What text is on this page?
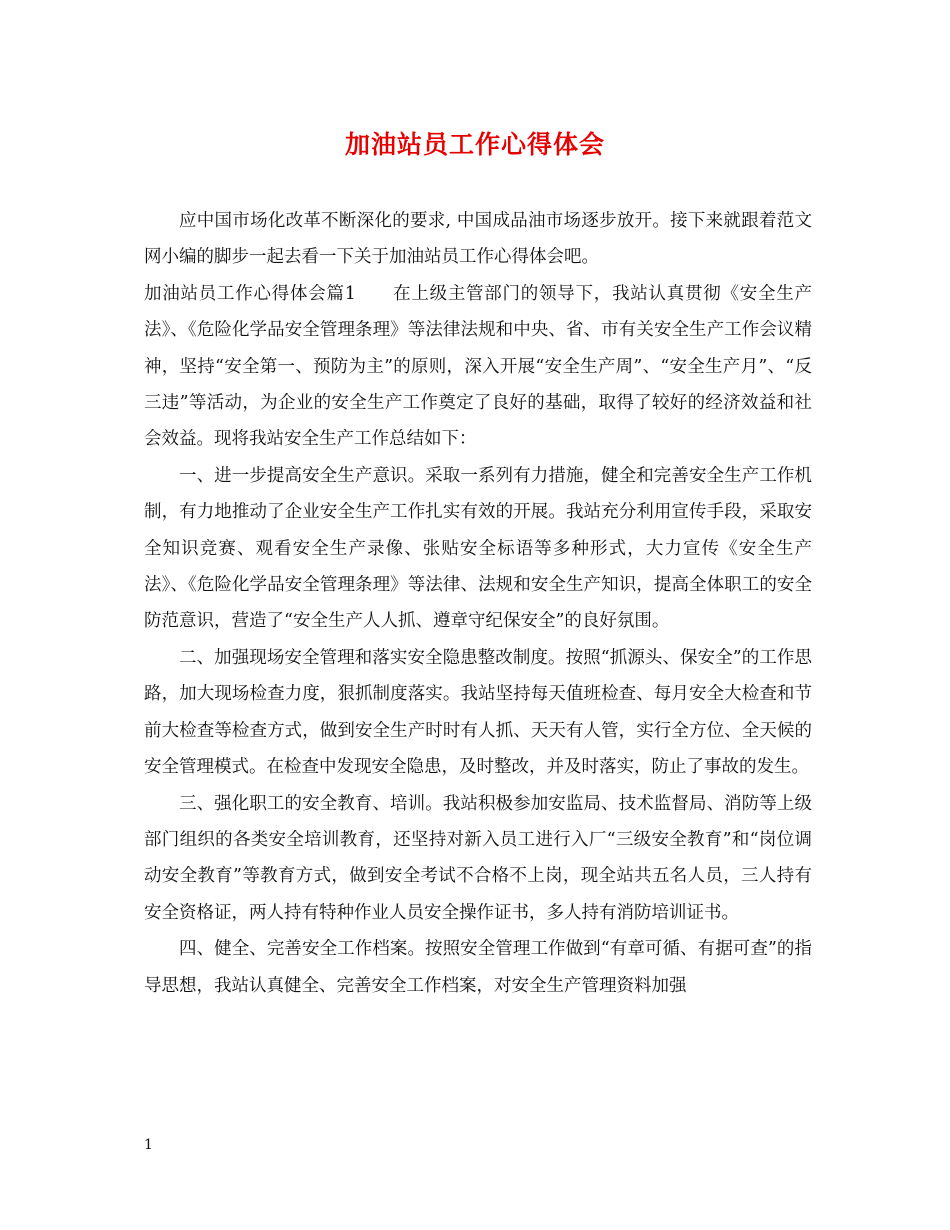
加油站员工作心得体会

应中国市场化改革不断深化的要求, 中国成品油市场逐步放开。接下来就跟着范文网小编的脚步一起去看一下关于加油站员工作心得体会吧。

加油站员工作心得体会篇1　　在上级主管部门的领导下，我站认真贯彻《安全生产法》、《危险化学品安全管理条理》等法律法规和中央、省、市有关安全生产工作会议精神，坚持“安全第一、预防为主”的原则，深入开展“安全生产周”、“安全生产月”、“反三违”等活动，为企业的安全生产工作奠定了良好的基础，取得了较好的经济效益和社会效益。现将我站安全生产工作总结如下：

一、进一步提高安全生产意识。采取一系列有力措施，健全和完善安全生产工作机制，有力地推动了企业安全生产工作扎实有效的开展。我站充分利用宣传手段，采取安全知识竞赛、观看安全生产录像、张贴安全标语等多种形式，大力宣传《安全生产法》、《危险化学品安全管理条理》等法律、法规和安全生产知识，提高全体职工的安全防范意识，营造了“安全生产人人抓、遵章守纪保安全”的良好氛围。

二、加强现场安全管理和落实安全隐患整改制度。按照“抓源头、保安全”的工作思路，加大现场检查力度，狠抓制度落实。我站坚持每天值班检查、每月安全大检查和节前大检查等检查方式，做到安全生产时时有人抓、天天有人管，实行全方位、全天候的安全管理模式。在检查中发现安全隐患，及时整改，并及时落实，防止了事故的发生。

三、强化职工的安全教育、培训。我站积极参加安监局、技术监督局、消防等上级部门组织的各类安全培训教育，还坚持对新入员工进行入厂“三级安全教育”和“岗位调动安全教育”等教育方式，做到安全考试不合格不上岗，现全站共五名人员，三人持有安全资格证，两人持有特种作业人员安全操作证书，多人持有消防培训证书。

四、健全、完善安全工作档案。按照安全管理工作做到“有章可循、有据可查”的指导思想，我站认真健全、完善安全工作档案，对安全生产管理资料加强

1
